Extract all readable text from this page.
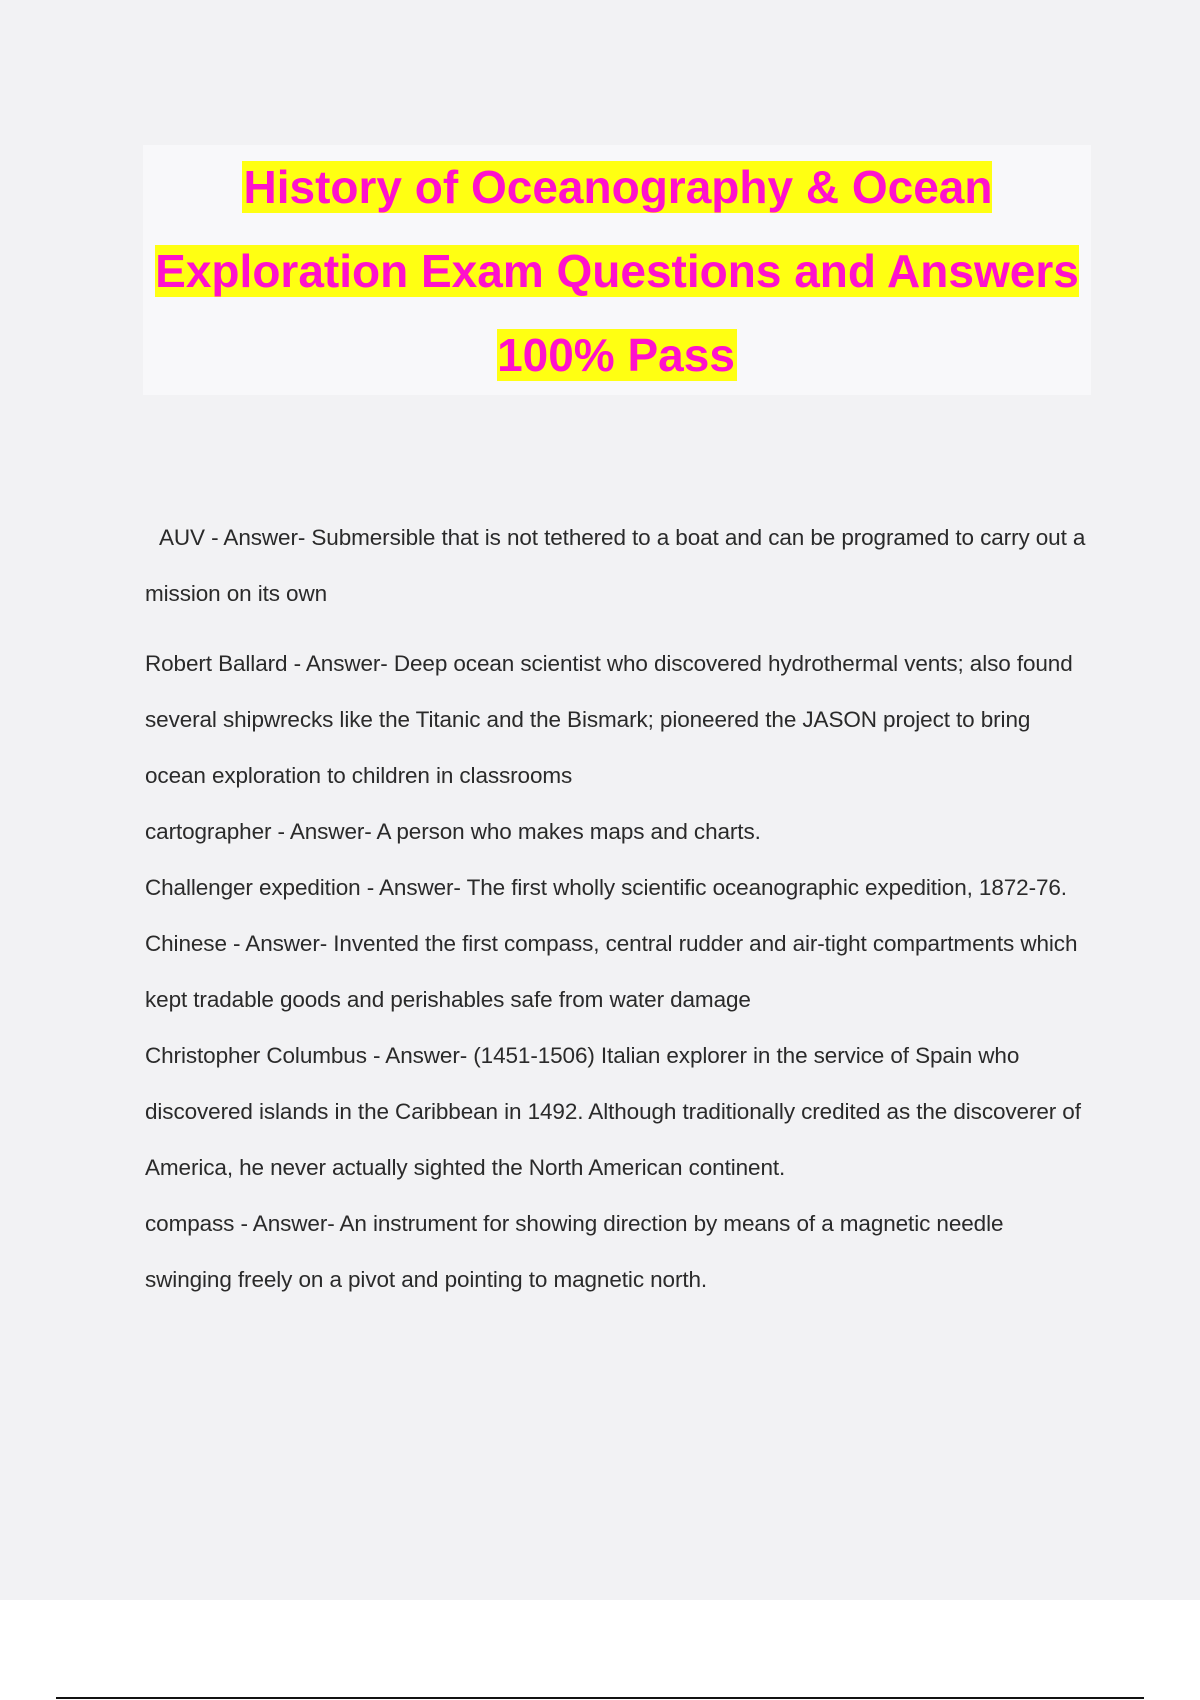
History of Oceanography & Ocean Exploration Exam Questions and Answers 100% Pass

AUV - Answer- Submersible that is not tethered to a boat and can be programed to carry out a mission on its own

Robert Ballard - Answer- Deep ocean scientist who discovered hydrothermal vents; also found several shipwrecks like the Titanic and the Bismark; pioneered the JASON project to bring ocean exploration to children in classrooms

cartographer - Answer- A person who makes maps and charts.

Challenger expedition - Answer- The first wholly scientific oceanographic expedition, 1872-76.

Chinese - Answer- Invented the first compass, central rudder and air-tight compartments which kept tradable goods and perishables safe from water damage

Christopher Columbus - Answer- (1451-1506) Italian explorer in the service of Spain who discovered islands in the Caribbean in 1492. Although traditionally credited as the discoverer of America, he never actually sighted the North American continent.

compass - Answer- An instrument for showing direction by means of a magnetic needle swinging freely on a pivot and pointing to magnetic north.
